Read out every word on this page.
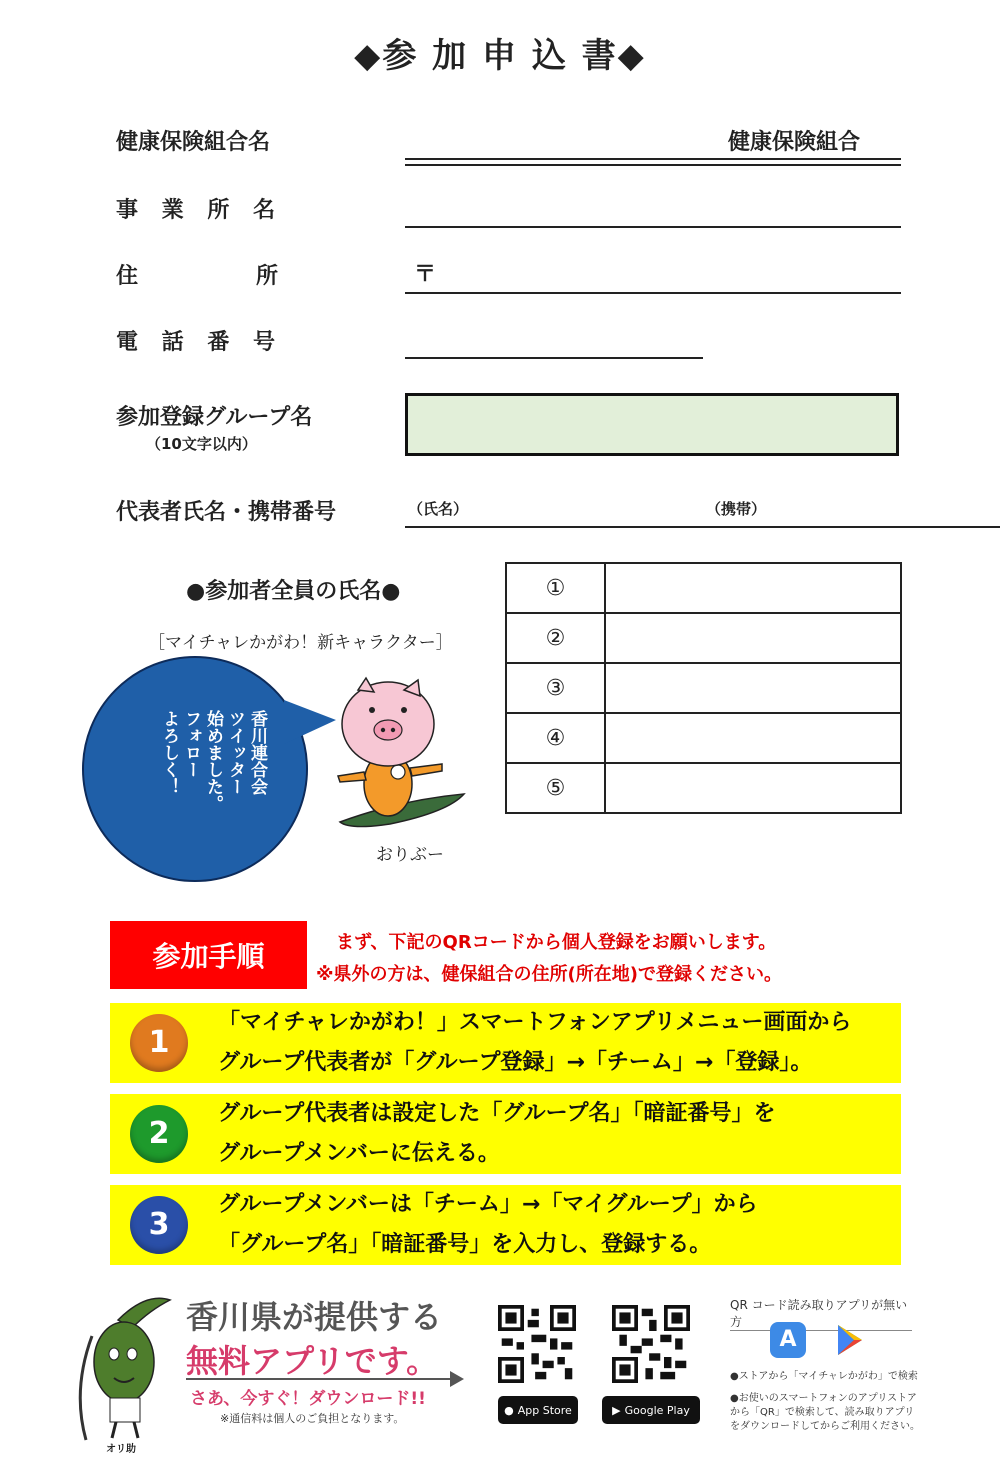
◆参 加 申 込 書◆
健康保険組合名	健康保険組合
事 業 所 名
住	所	〒
電 話 番 号
参加登録グループ名
（10文字以内）
代表者氏名・携帯番号	（氏名）	（携帯）
●参加者全員の氏名●	①	
②	
③	
④	
⑤	
［マイチャレかがわ！新キャラクター］
香川連合会
ツイッター
始めました。
フォロー
よろしく！
おりぶー
参加手順	まず、下記のQRコードから個人登録をお願いします。
※県外の方は、健保組合の住所(所在地)で登録ください。
1
「マイチャレかがわ！」スマートフォンアプリメニュー画面から
グループ代表者が「グループ登録」→「チーム」→「登録」。
2
グループ代表者は設定した「グループ名」「暗証番号」を
グループメンバーに伝える。
3
グループメンバーは「チーム」→「マイグループ」から
「グループ名」「暗証番号」を入力し、登録する。
オリ助
香川県が提供する
無料アプリです。
さあ、今すぐ！ダウンロード!!
※通信料は個人のご負担となります。
● App Store	▶ Google Play
QR コード読み取りアプリが無い方
A
●ストアから「マイチャレかがわ」で検索
●お使いのスマートフォンのアプリストアから「QR」で検索して、読み取りアプリをダウンロードしてからご利用ください。
